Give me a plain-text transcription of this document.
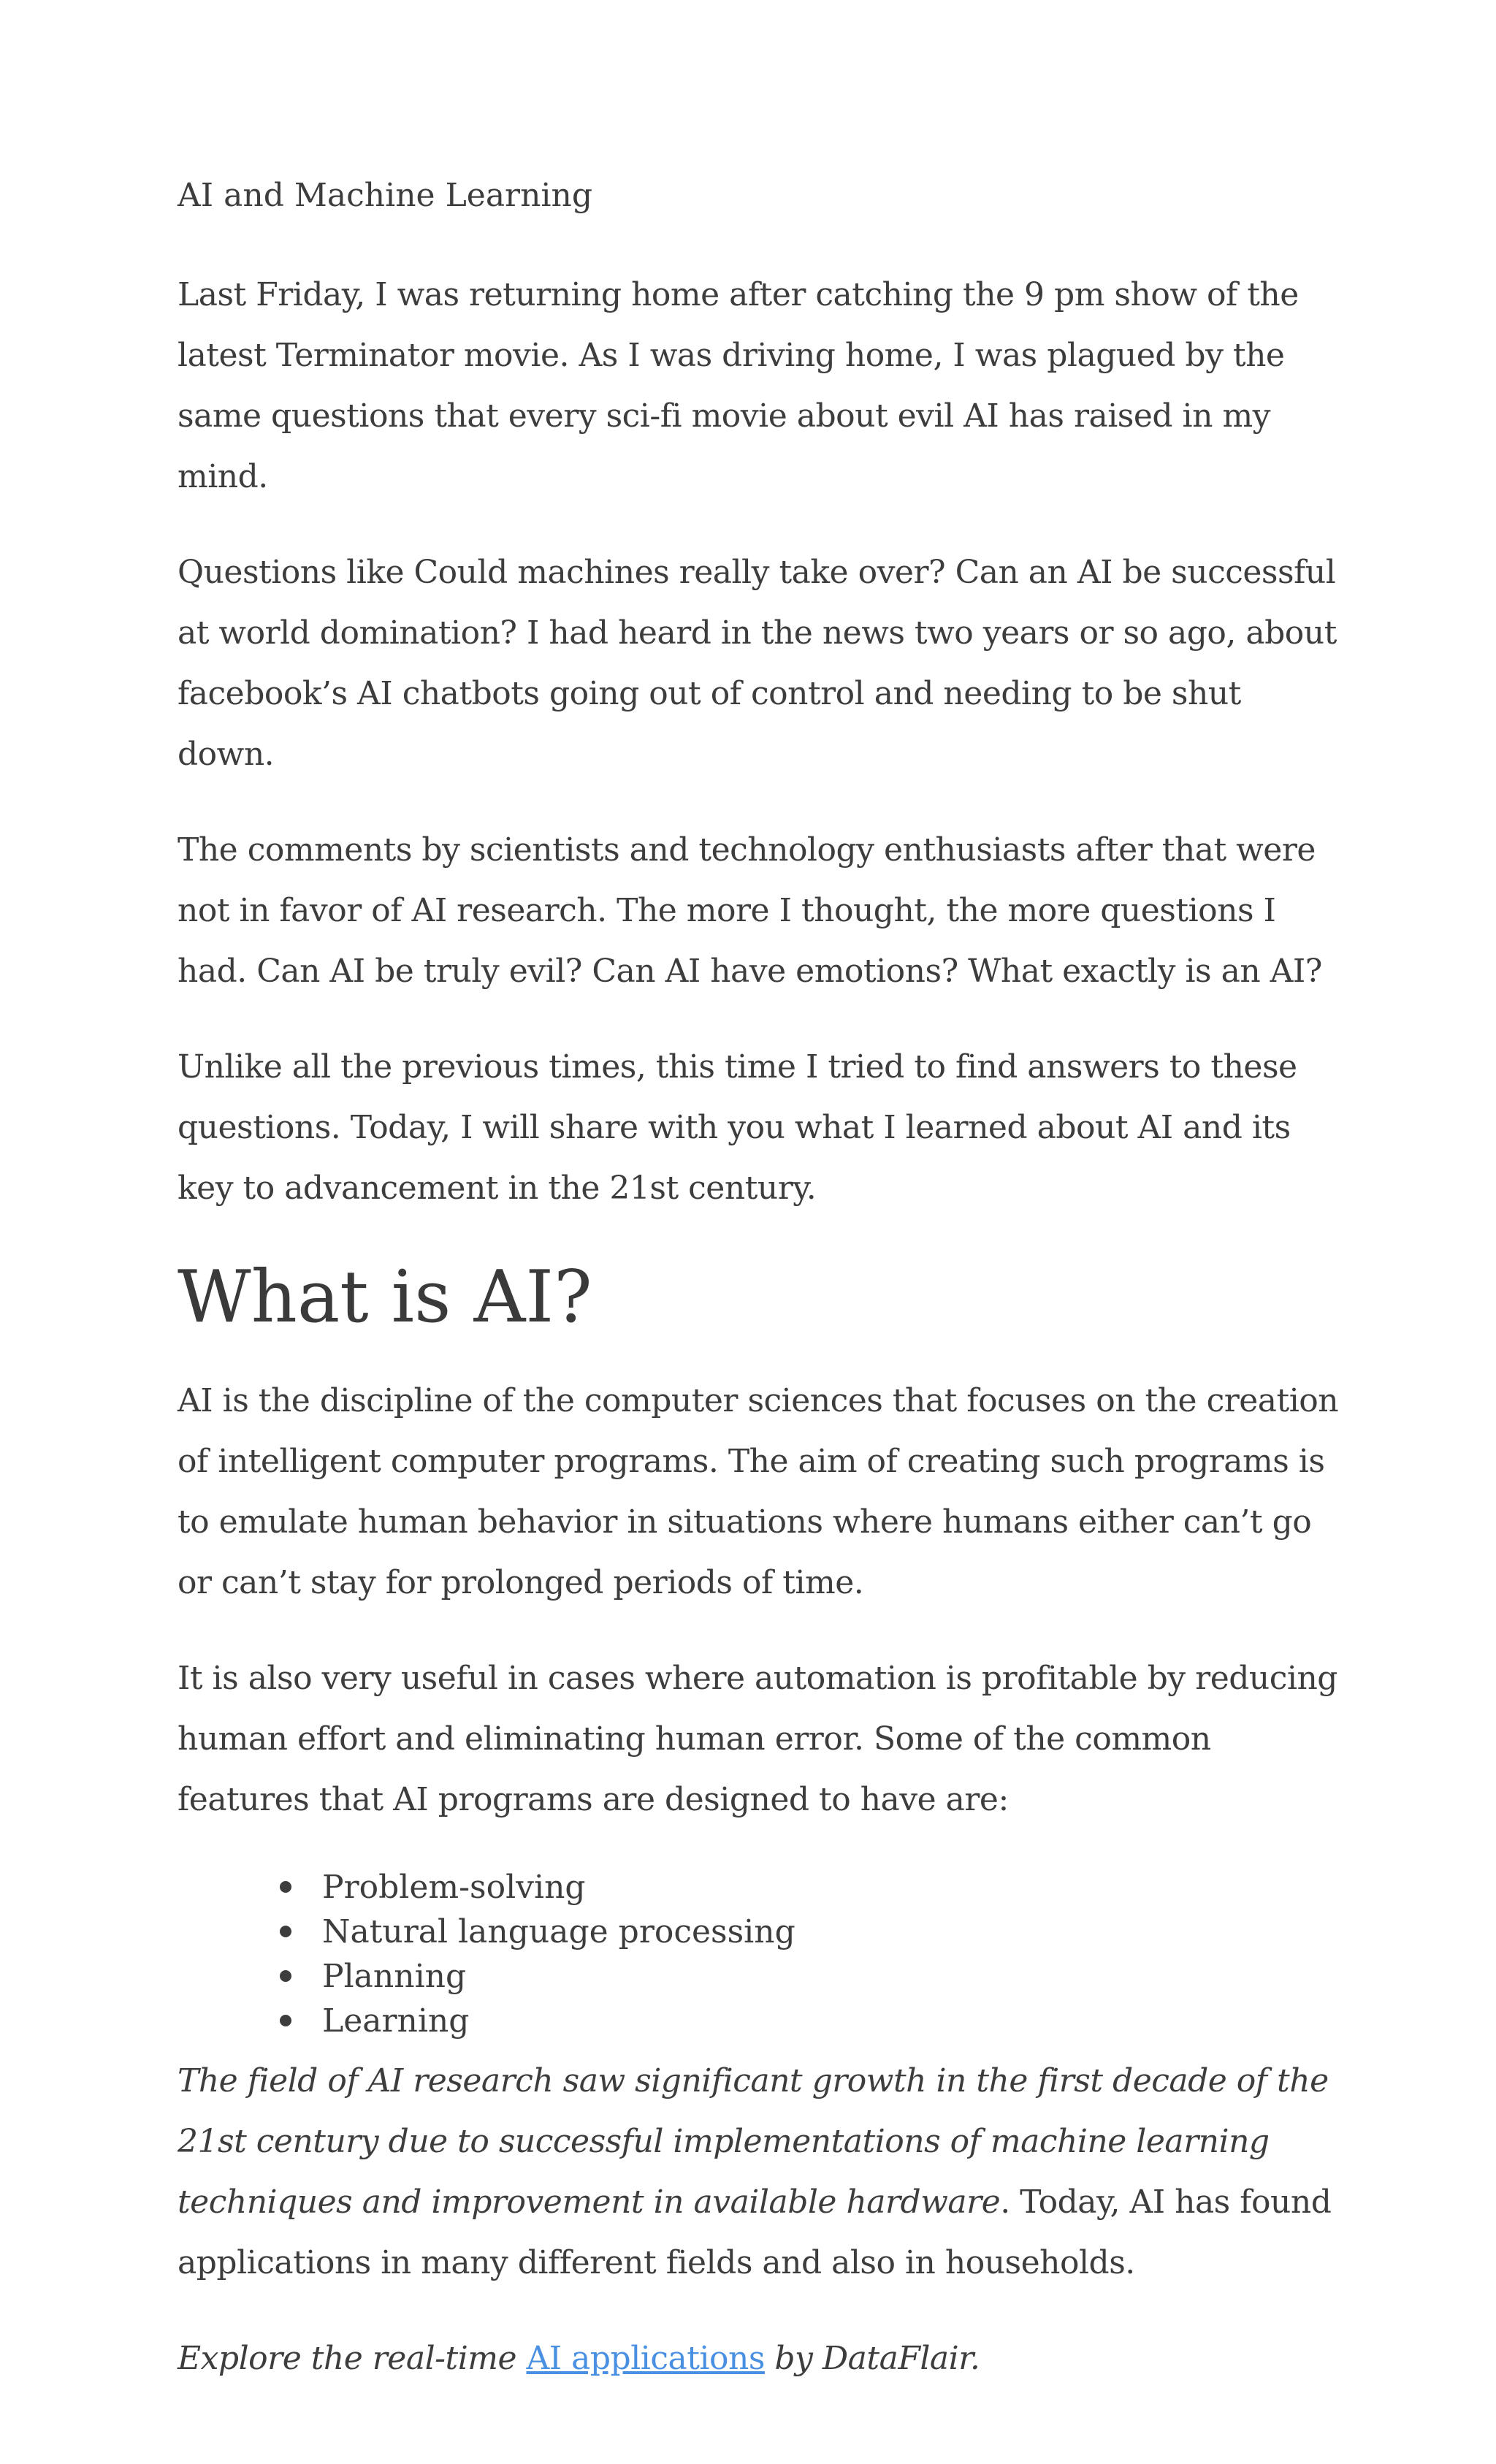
AI and Machine Learning

Last Friday, I was returning home after catching the 9 pm show of the latest Terminator movie. As I was driving home, I was plagued by the same questions that every sci-fi movie about evil AI has raised in my mind.

Questions like Could machines really take over? Can an AI be successful at world domination? I had heard in the news two years or so ago, about facebook’s AI chatbots going out of control and needing to be shut down.

The comments by scientists and technology enthusiasts after that were not in favor of AI research. The more I thought, the more questions I had. Can AI be truly evil? Can AI have emotions? What exactly is an AI?

Unlike all the previous times, this time I tried to find answers to these questions. Today, I will share with you what I learned about AI and its key to advancement in the 21st century.

What is AI?

AI is the discipline of the computer sciences that focuses on the creation of intelligent computer programs. The aim of creating such programs is to emulate human behavior in situations where humans either can’t go or can’t stay for prolonged periods of time.

It is also very useful in cases where automation is profitable by reducing human effort and eliminating human error. Some of the common features that AI programs are designed to have are:

Problem-solving
Natural language processing
Planning
Learning

The field of AI research saw significant growth in the first decade of the 21st century due to successful implementations of machine learning techniques and improvement in available hardware. Today, AI has found applications in many different fields and also in households.

Explore the real-time AI applications by DataFlair.
